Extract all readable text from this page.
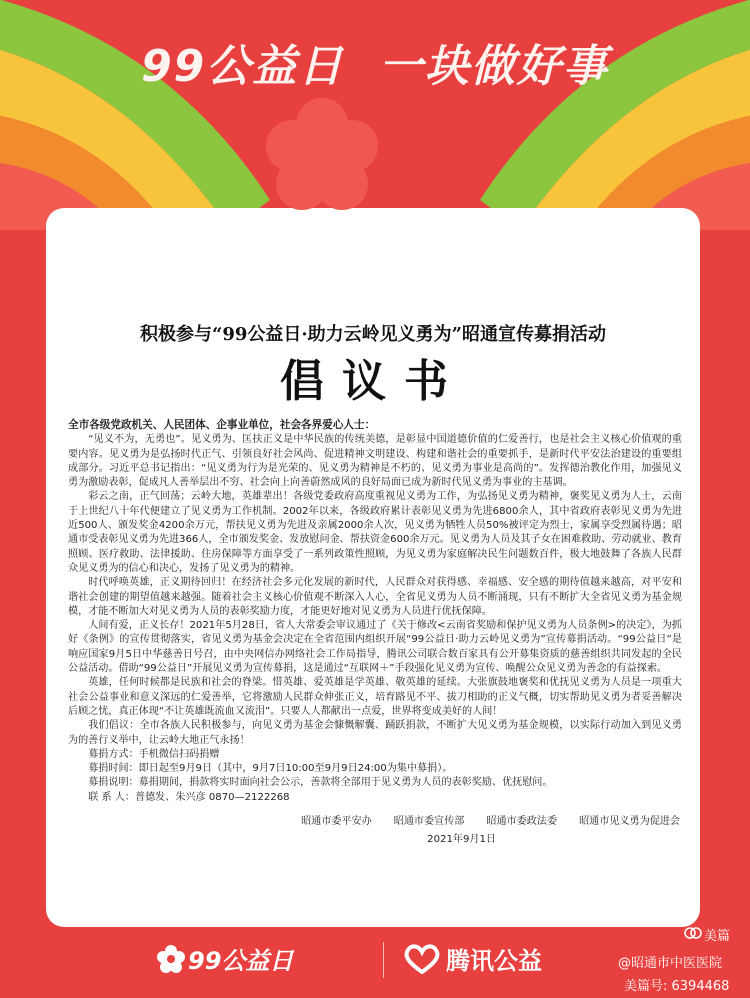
99公益日  一块做好事
积极参与“99公益日·助力云岭见义勇为”昭通宣传募捐活动
倡议书
全市各级党政机关、人民团体、企事业单位，社会各界爱心人士：

“见义不为，无勇也”。见义勇为、匡扶正义是中华民族的传统美德，是彰显中国道德价值的仁爱善行，也是社会主义核心价值观的重要内容。见义勇为是弘扬时代正气、引领良好社会风尚、促进精神文明建设、构建和谐社会的重要抓手，是新时代平安法治建设的重要组成部分。习近平总书记指出：“见义勇为行为是光荣的、见义勇为精神是不朽的、见义勇为事业是高尚的”。发挥德治教化作用，加强见义勇为激励表彰，促成凡人善举层出不穷、社会向上向善蔚然成风的良好局面已成为新时代见义勇为事业的主基调。

彩云之南，正气回荡；云岭大地，英雄辈出！各级党委政府高度重视见义勇为工作，为弘扬见义勇为精神，褒奖见义勇为人士，云南于上世纪八十年代便建立了见义勇为工作机制。2002年以来，各级政府累计表彰见义勇为先进6800余人，其中省政府表彰见义勇为先进近500人、颁发奖金4200余万元，帮扶见义勇为先进及亲属2000余人次，见义勇为牺牲人员50%被评定为烈士，家属享受烈属待遇；昭通市受表彰见义勇为先进366人，全市颁发奖金、发放慰问金、帮扶资金600余万元。见义勇为人员及其子女在困难救助、劳动就业、教育照顾、医疗救助、法律援助、住房保障等方面享受了一系列政策性照顾，为见义勇为家庭解决民生问题数百件，极大地鼓舞了各族人民群众见义勇为的信心和决心，发扬了见义勇为的精神。

时代呼唤英雄，正义期待回归！在经济社会多元化发展的新时代，人民群众对获得感、幸福感、安全感的期待值越来越高，对平安和谐社会创建的期望值越来越强。随着社会主义核心价值观不断深入人心，全省见义勇为人员不断涌现，只有不断扩大全省见义勇为基金规模，才能不断加大对见义勇为人员的表彰奖励力度，才能更好地对见义勇为人员进行优抚保障。

人间有爱，正义长存！2021年5月28日，省人大常委会审议通过了《关于修改<云南省奖励和保护见义勇为人员条例>的决定》，为抓好《条例》的宣传贯彻落实，省见义勇为基金会决定在全省范围内组织开展“99公益日·助力云岭见义勇为”宣传募捐活动。“99公益日”是响应国家9月5日中华慈善日号召，由中央网信办网络社会工作局指导，腾讯公司联合数百家具有公开募集资质的慈善组织共同发起的全民公益活动。借助“99公益日”开展见义勇为宣传募捐，这是通过“互联网＋”手段强化见义勇为宣传、唤醒公众见义勇为善念的有益探索。

英雄，任何时候都是民族和社会的脊梁。惜英雄、爱英雄是学英雄、敬英雄的延续。大张旗鼓地褒奖和优抚见义勇为人员是一项重大社会公益事业和意义深远的仁爱善举，它将激励人民群众伸张正义，培育路见不平、拔刀相助的正义气概，切实帮助见义勇为者妥善解决后顾之忧，真正体现“不让英雄既流血又流泪”。只要人人都献出一点爱，世界将变成美好的人间！

我们倡议：全市各族人民积极参与，向见义勇为基金会慷慨解囊、踊跃捐款，不断扩大见义勇为基金规模，以实际行动加入到见义勇为的善行义举中，让云岭大地正气永扬！

募捐方式：手机微信扫码捐赠

募捐时间：即日起至9月9日（其中，9月7日10:00至9月9日24:00为集中募捐）。

募捐说明：募捐期间，捐款将实时面向社会公示，善款将全部用于见义勇为人员的表彰奖励、优抚慰问。

联 系 人：普德发、朱兴彦 0870—2122268

昭通市委平安办 昭通市委宣传部 昭通市委政法委 昭通市见义勇为促进会
2021年9月1日
99公益日	腾讯公益
美篇
@昭通市中医医院
美篇号: 6394468
